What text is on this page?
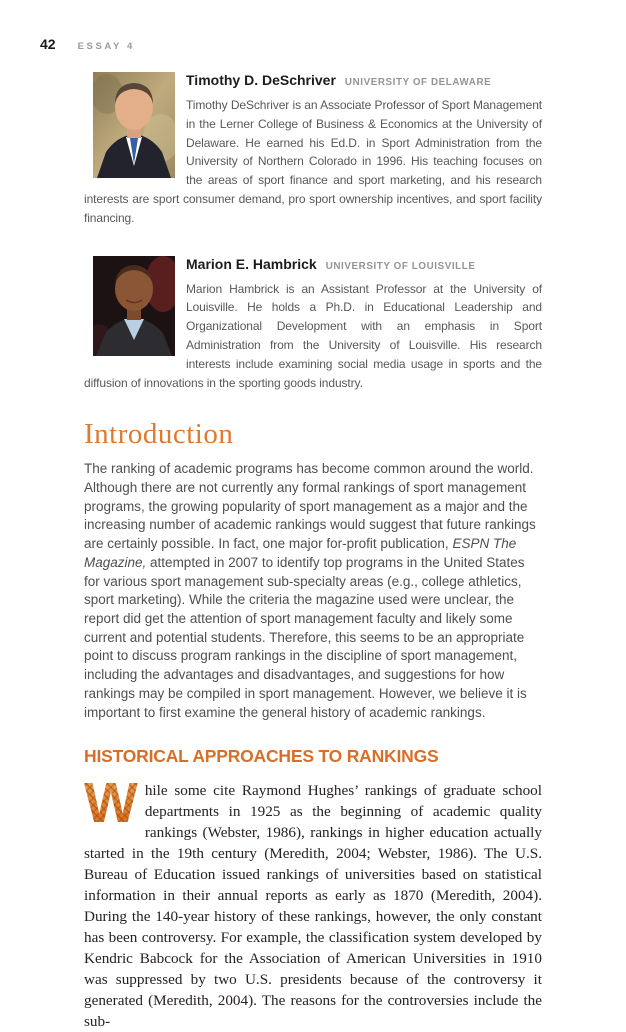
42 ESSAY 4
Timothy D. DeSchriver UNIVERSITY OF DELAWARE

Timothy DeSchriver is an Associate Professor of Sport Management in the Lerner College of Business & Economics at the University of Delaware. He earned his Ed.D. in Sport Administration from the University of Northern Colorado in 1996. His teaching focuses on the areas of sport finance and sport marketing, and his research interests are sport consumer demand, pro sport ownership incentives, and sport facility financing.

Marion E. Hambrick UNIVERSITY OF LOUISVILLE

Marion Hambrick is an Assistant Professor at the University of Louisville. He holds a Ph.D. in Educational Leadership and Organizational Development with an emphasis in Sport Administration from the University of Louisville. His research interests include examining social media usage in sports and the diffusion of innovations in the sporting goods industry.

Introduction

The ranking of academic programs has become common around the world. Although there are not currently any formal rankings of sport management programs, the growing popularity of sport management as a major and the increasing number of academic rankings would suggest that future rankings are certainly possible. In fact, one major for-profit publication, ESPN The Magazine, attempted in 2007 to identify top programs in the United States for various sport management sub-specialty areas (e.g., college athletics, sport marketing). While the criteria the magazine used were unclear, the report did get the attention of sport management faculty and likely some current and potential students. Therefore, this seems to be an appropriate point to discuss program rankings in the discipline of sport management, including the advantages and disadvantages, and suggestions for how rankings may be compiled in sport management. However, we believe it is important to first examine the general history of academic rankings.

HISTORICAL APPROACHES TO RANKINGS

W hile some cite Raymond Hughes’ rankings of graduate school departments in 1925 as the beginning of academic quality rankings (Webster, 1986), rankings in higher education actually started in the 19th century (Meredith, 2004; Webster, 1986). The U.S. Bureau of Education issued rankings of universities based on statistical information in their annual reports as early as 1870 (Meredith, 2004). During the 140-year history of these rankings, however, the only constant has been controversy. For example, the classification system developed by Kendric Babcock for the Association of American Universities in 1910 was suppressed by two U.S. presidents because of the controversy it generated (Meredith, 2004). The reasons for the controversies include the sub-
